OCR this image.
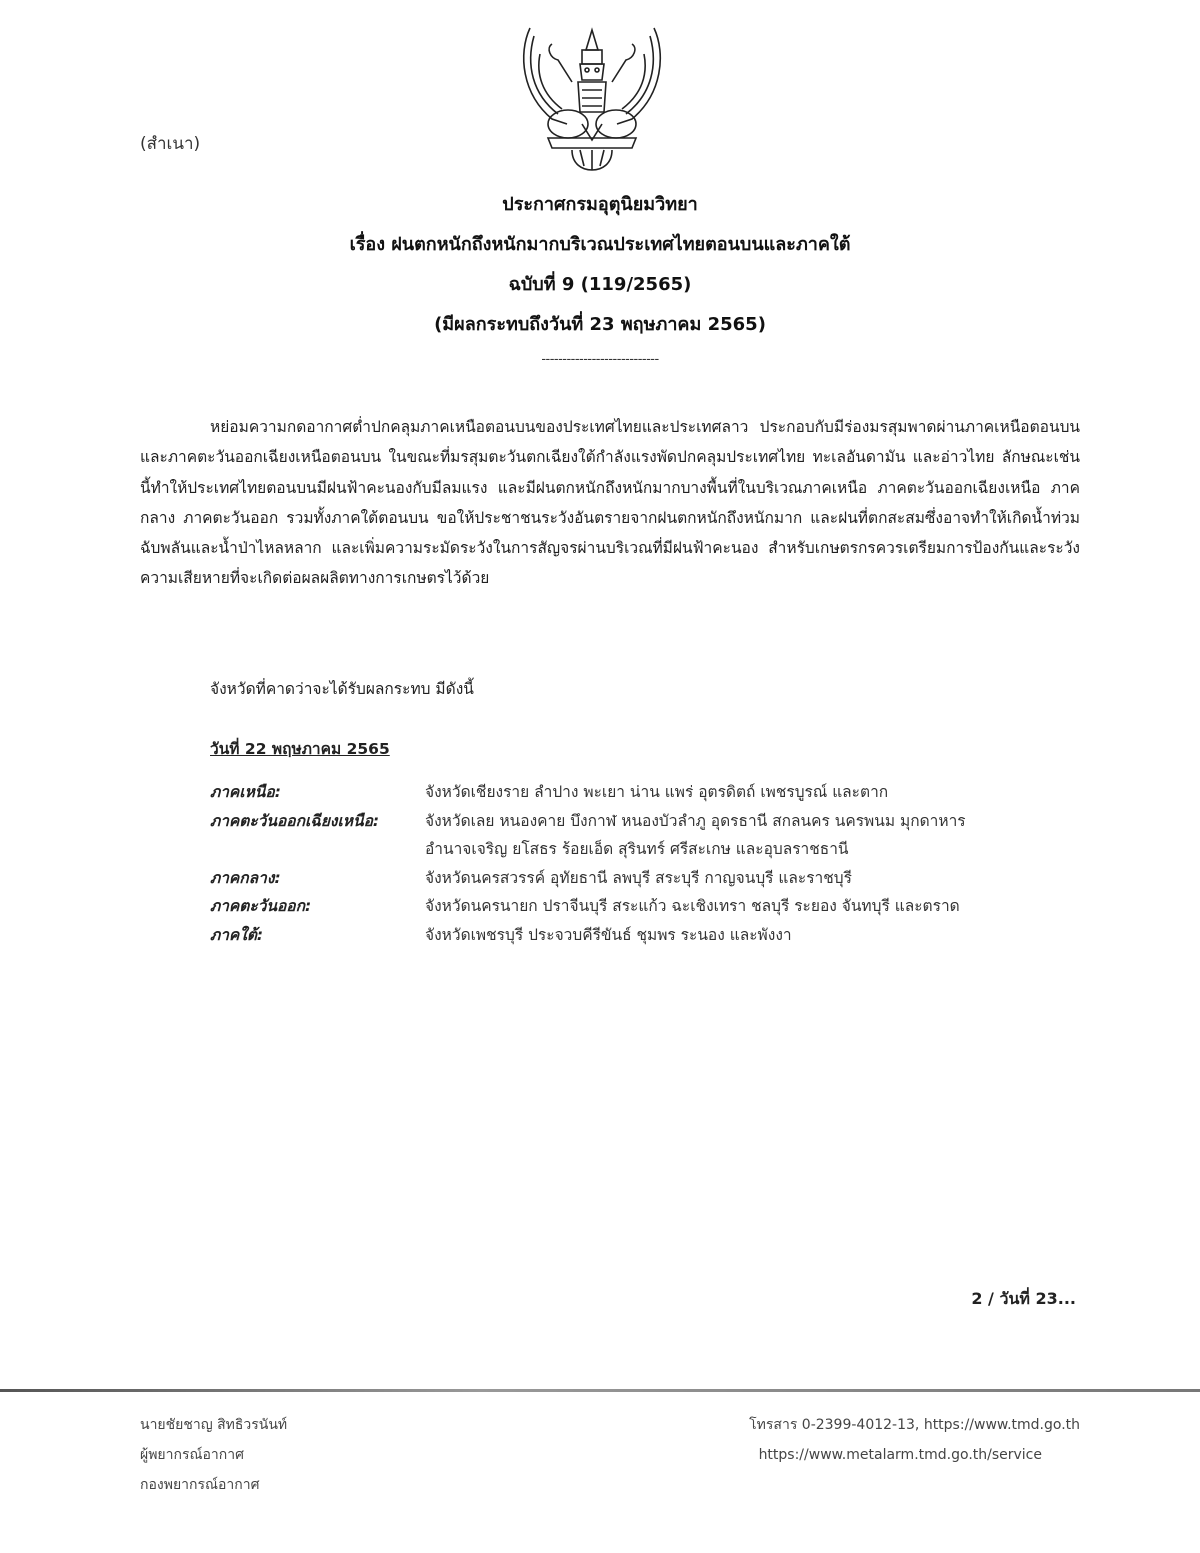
(สำเนา)
ประกาศกรมอุตุนิยมวิทยา
เรื่อง ฝนตกหนักถึงหนักมากบริเวณประเทศไทยตอนบนและภาคใต้
ฉบับที่ 9 (119/2565)
(มีผลกระทบถึงวันที่ 23 พฤษภาคม 2565)
----------------------------
หย่อมความกดอากาศต่ำปกคลุมภาคเหนือตอนบนของประเทศไทยและประเทศลาว ประกอบกับมีร่องมรสุมพาดผ่านภาคเหนือตอนบน และภาคตะวันออกเฉียงเหนือตอนบน ในขณะที่มรสุมตะวันตกเฉียงใต้กำลังแรงพัดปกคลุมประเทศไทย ทะเลอันดามัน และอ่าวไทย ลักษณะเช่นนี้ทำให้ประเทศไทยตอนบนมีฝนฟ้าคะนองกับมีลมแรง และมีฝนตกหนักถึงหนักมากบางพื้นที่ในบริเวณภาคเหนือ ภาคตะวันออกเฉียงเหนือ ภาคกลาง ภาคตะวันออก รวมทั้งภาคใต้ตอนบน ขอให้ประชาชนระวังอันตรายจากฝนตกหนักถึงหนักมาก และฝนที่ตกสะสมซึ่งอาจทำให้เกิดน้ำท่วมฉับพลันและน้ำป่าไหลหลาก และเพิ่มความระมัดระวังในการสัญจรผ่านบริเวณที่มีฝนฟ้าคะนอง สำหรับเกษตรกรควรเตรียมการป้องกันและระวังความเสียหายที่จะเกิดต่อผลผลิตทางการเกษตรไว้ด้วย
จังหวัดที่คาดว่าจะได้รับผลกระทบ มีดังนี้
วันที่ 22 พฤษภาคม 2565
ภาคเหนือ:	จังหวัดเชียงราย ลำปาง พะเยา น่าน แพร่ อุตรดิตถ์ เพชรบูรณ์ และตาก
ภาคตะวันออกเฉียงเหนือ:	จังหวัดเลย หนองคาย บึงกาฬ หนองบัวลำภู อุดรธานี สกลนคร นครพนม มุกดาหาร
อำนาจเจริญ ยโสธร ร้อยเอ็ด สุรินทร์ ศรีสะเกษ และอุบลราชธานี
ภาคกลาง:	จังหวัดนครสวรรค์ อุทัยธานี ลพบุรี สระบุรี กาญจนบุรี และราชบุรี
ภาคตะวันออก:	จังหวัดนครนายก ปราจีนบุรี สระแก้ว ฉะเชิงเทรา ชลบุรี ระยอง จันทบุรี และตราด
ภาคใต้:	จังหวัดเพชรบุรี ประจวบคีรีขันธ์ ชุมพร ระนอง และพังงา
2 / วันที่ 23...
นายชัยชาญ สิทธิวรนันท์
ผู้พยากรณ์อากาศ
กองพยากรณ์อากาศ
โทรสาร 0-2399-4012-13, https://www.tmd.go.th
https://www.metalarm.tmd.go.th/service
